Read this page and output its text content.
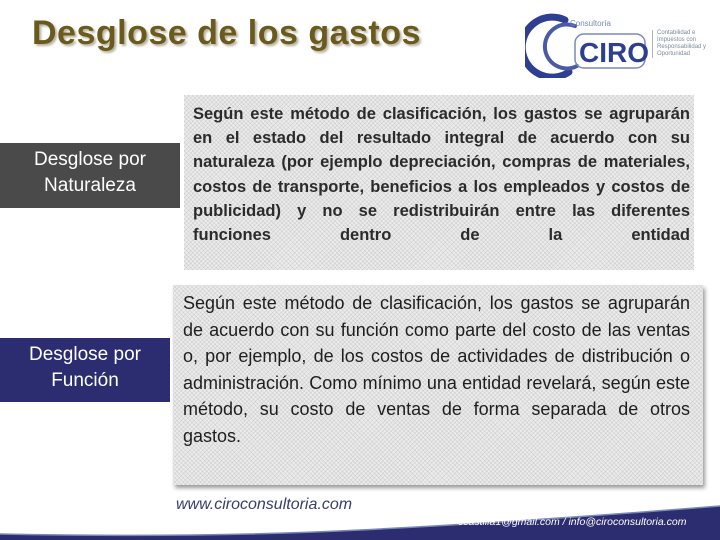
Desglose de los gastos	Consultoría
CIRO
Contabilidad e
Impuestos con
Responsabilidad y
Oportunidad
Según este método de clasificación, los gastos se agruparán en el estado del resultado integral de acuerdo con su naturaleza (por ejemplo depreciación, compras de materiales, costos de transporte, beneficios a los empleados y costos de publicidad) y no se redistribuirán entre las diferentes funciones dentro de la entidad
Desglose por
Naturaleza
Según este método de clasificación, los gastos se agruparán de acuerdo con su función como parte del costo de las ventas o, por ejemplo, de los costos de actividades de distribución o administración. Como mínimo una entidad revelará, según este método, su costo de ventas de forma separada de otros gastos.
Desglose por
Función
www.ciroconsultoria.com
ccastilla1@gmail.com / info@ciroconsultoria.com
